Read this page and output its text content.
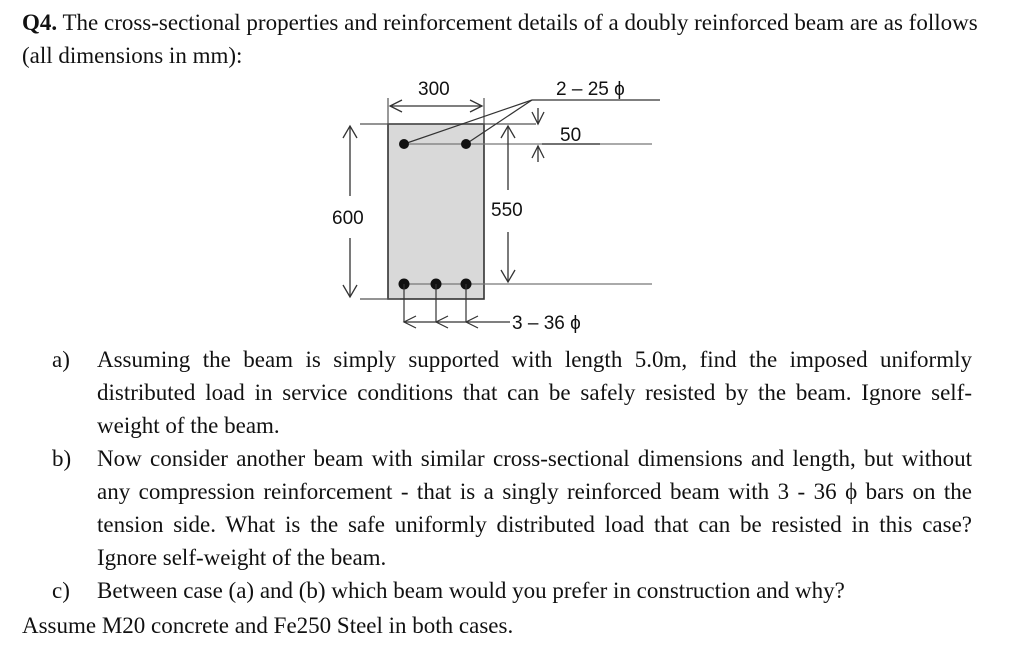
Q4. The cross-sectional properties and reinforcement details of a doubly reinforced beam are as follows (all dimensions in mm):
300	2 – 25 ϕ
50
600	550
3 – 36 ϕ
a)	Assuming the beam is simply supported with length 5.0m, find the imposed uniformly distributed load in service conditions that can be safely resisted by the beam. Ignore self-weight of the beam.
b)	Now consider another beam with similar cross-sectional dimensions and length, but without any compression reinforcement - that is a singly reinforced beam with 3 - 36 ϕ bars on the tension side. What is the safe uniformly distributed load that can be resisted in this case? Ignore self-weight of the beam.
c)	Between case (a) and (b) which beam would you prefer in construction and why?
Assume M20 concrete and Fe250 Steel in both cases.
